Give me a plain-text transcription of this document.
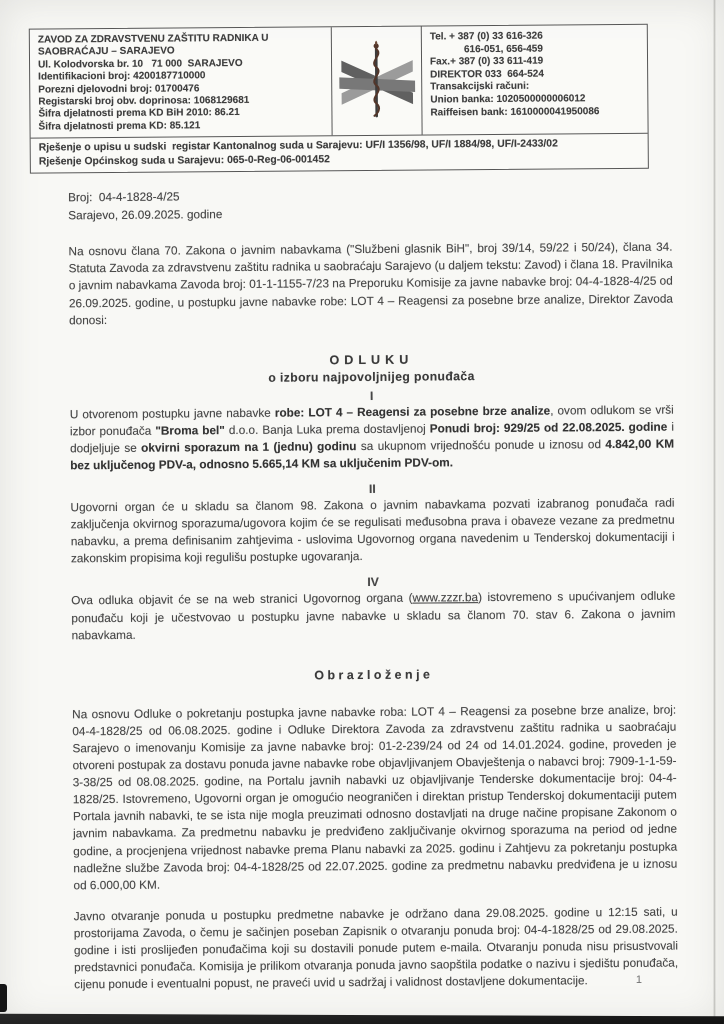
ZAVOD ZA ZDRAVSTVENU ZAŠTITU RADNIKA U
SAOBRAĆAJU – SARAJEVO
Ul. Kolodvorska br. 10   71 000  SARAJEVO
Identifikacioni broj: 4200187710000
Porezni djelovodni broj: 01700476
Registarski broj obv. doprinosa: 1068129681
Šifra djelatnosti prema KD BiH 2010: 86.21
Šifra djelatnosti prema KD: 85.121
Tel. + 387 (0) 33 616-326
616-051, 656-459
Fax.+ 387 (0) 33 611-419
DIREKTOR 033  664-524
Transakcijski računi:
Union banka: 1020500000006012
Raiffeisen bank: 1610000041950086
Rješenje o upisu u sudski  registar Kantonalnog suda u Sarajevu: UF/I 1356/98, UF/I 1884/98, UF/I-2433/02
Rješenje Općinskog suda u Sarajevu: 065-0-Reg-06-001452
Broj:  04-4-1828-4/25
Sarajevo, 26.09.2025. godine

Na osnovu člana 70. Zakona o javnim nabavkama ("Službeni glasnik BiH", broj 39/14, 59/22 i 50/24), člana 34. Statuta Zavoda za zdravstvenu zaštitu radnika u saobraćaju Sarajevo (u daljem tekstu: Zavod) i člana 18. Pravilnika o javnim nabavkama Zavoda broj: 01-1-1155-7/23 na Preporuku Komisije za javne nabavke broj: 04-4-1828-4/25 od 26.09.2025. godine, u postupku javne nabavke robe: LOT 4 – Reagensi za posebne brze analize, Direktor Zavoda donosi:

ODLUKU
o izboru najpovoljnijeg ponuđača
I

U otvorenom postupku javne nabavke robe: LOT 4 – Reagensi za posebne brze analize, ovom odlukom se vrši izbor ponuđača "Broma bel" d.o.o. Banja Luka prema dostavljenoj Ponudi broj: 929/25 od 22.08.2025. godine i dodjeljuje se okvirni sporazum na 1 (jednu) godinu sa ukupnom vrijednošću ponude u iznosu od 4.842,00 KM bez uključenog PDV-a, odnosno 5.665,14 KM sa uključenim PDV-om.

II

Ugovorni organ će u skladu sa članom 98. Zakona o javnim nabavkama pozvati izabranog ponuđača radi zaključenja okvirnog sporazuma/ugovora kojim će se regulisati međusobna prava i obaveze vezane za predmetnu nabavku, a prema definisanim zahtjevima - uslovima Ugovornog organa navedenim u Tenderskoj dokumentaciji i zakonskim propisima koji regulišu postupke ugovaranja.

IV

Ova odluka objavit će se na web stranici Ugovornog organa (www.zzzr.ba) istovremeno s upućivanjem odluke ponuđaču koji je učestvovao u postupku javne nabavke u skladu sa članom 70. stav 6. Zakona o javnim nabavkama.

Obrazloženje

Na osnovu Odluke o pokretanju postupka javne nabavke roba: LOT 4 – Reagensi za posebne brze analize, broj: 04-4-1828/25 od 06.08.2025. godine i Odluke Direktora Zavoda za zdravstvenu zaštitu radnika u saobraćaju Sarajevo o imenovanju Komisije za javne nabavke broj: 01-2-239/24 od 24 od 14.01.2024. godine, proveden je otvoreni postupak za dostavu ponuda javne nabavke robe objavljivanjem Obavještenja o nabavci broj: 7909-1-1-59-3-38/25 od 08.08.2025. godine, na Portalu javnih nabavki uz objavljivanje Tenderske dokumentacije broj: 04-4-1828/25. Istovremeno, Ugovorni organ je omogućio neograničen i direktan pristup Tenderskoj dokumentaciji putem Portala javnih nabavki, te se ista nije mogla preuzimati odnosno dostavljati na druge načine propisane Zakonom o javnim nabavkama. Za predmetnu nabavku je predviđeno zaključivanje okvirnog sporazuma na period od jedne godine, a procjenjena vrijednost nabavke prema Planu nabavki za 2025. godinu i Zahtjevu za pokretanju postupka nadležne službe Zavoda broj: 04-4-1828/25 od 22.07.2025. godine za predmetnu nabavku predviđena je u iznosu od 6.000,00 KM.

Javno otvaranje ponuda u postupku predmetne nabavke je održano dana 29.08.2025. godine u 12:15 sati, u prostorijama Zavoda, o čemu je sačinjen poseban Zapisnik o otvaranju ponuda broj: 04-4-1828/25 od 29.08.2025. godine i isti proslijeđen ponuđačima koji su dostavili ponude putem e-maila. Otvaranju ponuda nisu prisustvovali predstavnici ponuđača. Komisija je prilikom otvaranja ponuda javno saopštila podatke o nazivu i sjedištu ponuđača, cijenu ponude i eventualni popust, ne praveći uvid u sadržaj i validnost dostavljene dokumentacije.	1
